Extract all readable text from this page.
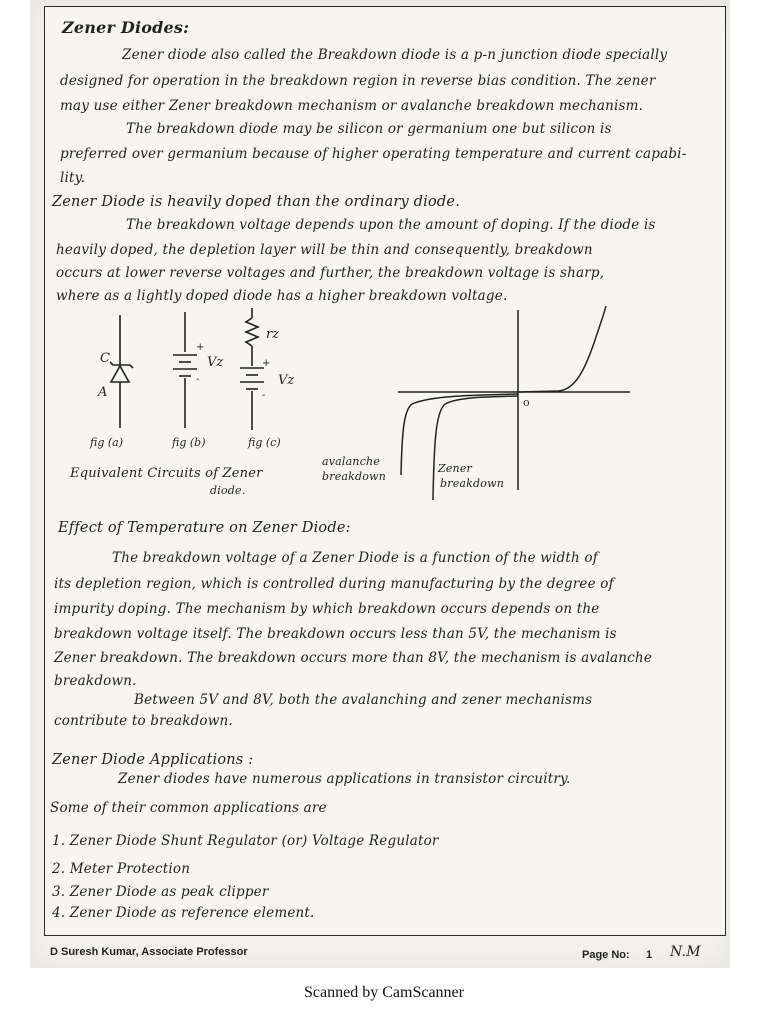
Zener Diodes:
Zener diode also called the Breakdown diode is a p-n junction diode specially
designed for operation in the breakdown region in reverse bias condition. The zener
may use either Zener breakdown mechanism or avalanche breakdown mechanism.
The breakdown diode may be silicon or germanium one but silicon is
preferred over germanium because of higher operating temperature and current capabi-
lity.
Zener Diode is heavily doped than the ordinary diode.
The breakdown voltage depends upon the amount of doping. If the diode is
heavily doped, the depletion layer will be thin and consequently, breakdown
occurs at lower reverse voltages and further, the breakdown voltage is sharp,
where as a lightly doped diode has a higher breakdown voltage.
C
A
Vz
+
-
rz
Vz
+
-
fig (a)	fig (b)	fig (c)
Equivalent Circuits of Zener
diode.
o
avalanche
breakdown
Zener
breakdown
Effect of Temperature on Zener Diode:
The breakdown voltage of a Zener Diode is a function of the width of
its depletion region, which is controlled during manufacturing by the degree of
impurity doping. The mechanism by which breakdown occurs depends on the
breakdown voltage itself. The breakdown occurs less than 5V, the mechanism is
Zener breakdown. The breakdown occurs more than 8V, the mechanism is avalanche
breakdown.
Between 5V and 8V, both the avalanching and zener mechanisms
contribute to breakdown.
Zener Diode Applications :
Zener diodes have numerous applications in transistor circuitry.
Some of their common applications are
1. Zener Diode Shunt Regulator (or) Voltage Regulator
2. Meter Protection
3. Zener Diode as peak clipper
4. Zener Diode as reference element.
D Suresh Kumar, Associate Professor	Page No: 1 N.M
Scanned by CamScanner
